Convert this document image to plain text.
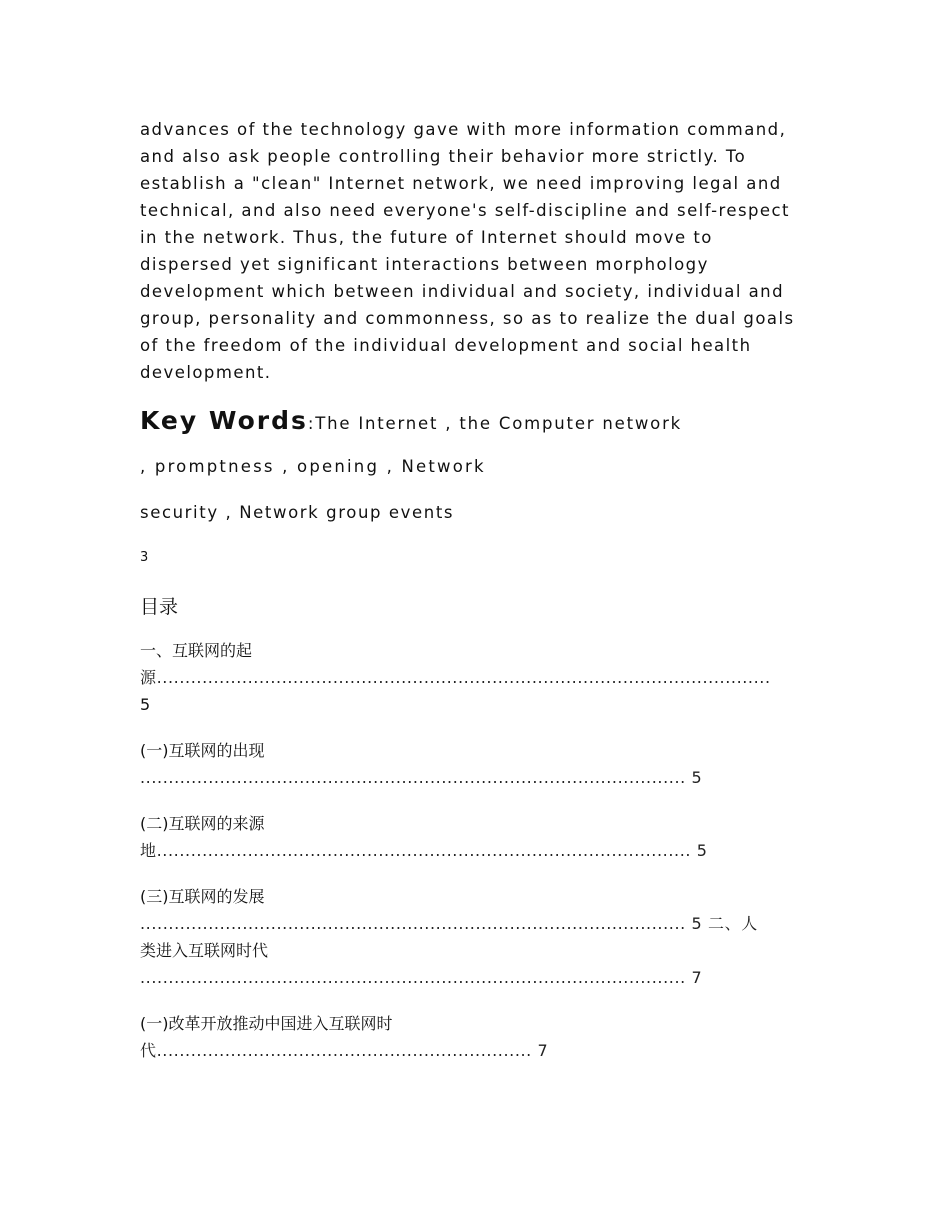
advances of the technology gave with more information command,
and also ask people controlling their behavior more strictly. To
establish a "clean" Internet network, we need improving legal and
technical, and also need everyone's self-discipline and self-respect
in the network. Thus, the future of Internet should move to
dispersed yet significant interactions between morphology
development which between individual and society, individual and
group, personality and commonness, so as to realize the dual goals
of the freedom of the individual development and social health
development.
Key Words:The Internet , the Computer network
, promptness , opening , Network
security , Network group events
3
目录
一、互联网的起
源............................................................................................................
5
(一)互联网的出现
................................................................................................ 5
(二)互联网的来源
地.............................................................................................. 5
(三)互联网的发展
................................................................................................ 5 二、人
类进入互联网时代
................................................................................................ 7
(一)改革开放推动中国进入互联网时
代.................................................................. 7
